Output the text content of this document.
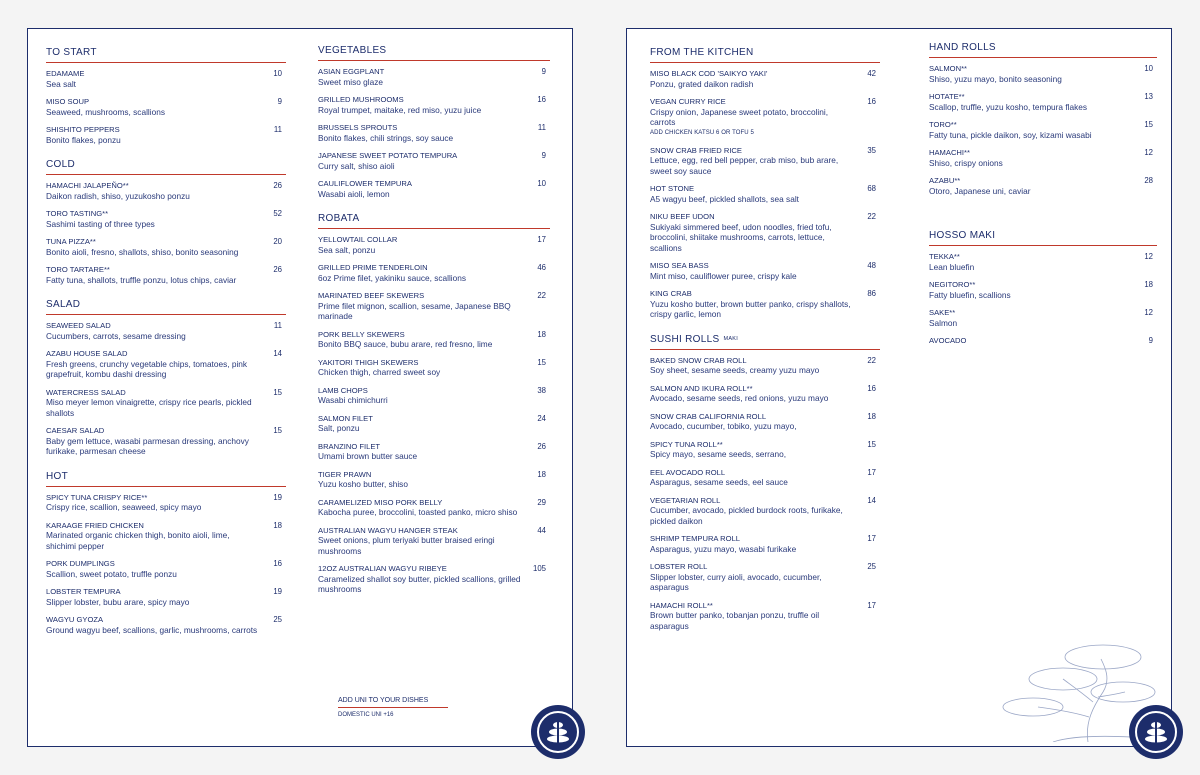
TO START
EDAMAME
Sea salt
10
MISO SOUP
Seaweed, mushrooms, scallions
9
SHISHITO PEPPERS
Bonito flakes, ponzu
11
COLD
HAMACHI JALAPEÑO**
Daikon radish, shiso, yuzukosho ponzu
26
TORO TASTING**
Sashimi tasting of three types
52
TUNA PIZZA**
Bonito aioli, fresno, shallots, shiso, bonito seasoning
20
TORO TARTARE**
Fatty tuna, shallots, truffle ponzu, lotus chips, caviar
26
SALAD
SEAWEED SALAD
Cucumbers, carrots, sesame dressing
11
AZABU HOUSE SALAD
Fresh greens, crunchy vegetable chips, tomatoes, pink grapefruit, kombu dashi dressing
14
WATERCRESS SALAD
Miso meyer lemon vinaigrette, crispy rice pearls, pickled shallots
15
CAESAR SALAD
Baby gem lettuce, wasabi parmesan dressing, anchovy furikake, parmesan cheese
15
HOT
SPICY TUNA CRISPY RICE**
Crispy rice, scallion, seaweed, spicy mayo
19
KARAAGE FRIED CHICKEN
Marinated organic chicken thigh, bonito aioli, lime, shichimi pepper
18
PORK DUMPLINGS
Scallion, sweet potato, truffle ponzu
16
LOBSTER TEMPURA
Slipper lobster, bubu arare, spicy mayo
19
WAGYU GYOZA
Ground wagyu beef, scallions, garlic, mushrooms, carrots
25
VEGETABLES
ASIAN EGGPLANT
Sweet miso glaze
9
GRILLED MUSHROOMS
Royal trumpet, maitake, red miso, yuzu juice
16
BRUSSELS SPROUTS
Bonito flakes, chili strings, soy sauce
11
JAPANESE SWEET POTATO TEMPURA
Curry salt, shiso aioli
9
CAULIFLOWER TEMPURA
Wasabi aioli, lemon
10
ROBATA
YELLOWTAIL COLLAR
Sea salt, ponzu
17
GRILLED PRIME TENDERLOIN
6oz Prime filet, yakiniku sauce, scallions
46
MARINATED BEEF SKEWERS
Prime filet mignon, scallion, sesame, Japanese BBQ marinade
22
PORK BELLY SKEWERS
Bonito BBQ sauce, bubu arare, red fresno, lime
18
YAKITORI THIGH SKEWERS
Chicken thigh, charred sweet soy
15
LAMB CHOPS
Wasabi chimichurri
38
SALMON FILET
Salt, ponzu
24
BRANZINO FILET
Umami brown butter sauce
26
TIGER PRAWN
Yuzu kosho butter, shiso
18
CARAMELIZED MISO PORK BELLY
Kabocha puree, broccolini, toasted panko, micro shiso
29
AUSTRALIAN WAGYU HANGER STEAK
Sweet onions, plum teriyaki butter braised eringi mushrooms
44
12OZ AUSTRALIAN WAGYU RIBEYE
Caramelized shallot soy butter, pickled scallions, grilled mushrooms
105
ADD UNI TO YOUR DISHES
DOMESTIC UNI +16
FROM THE KITCHEN
MISO BLACK COD 'SAIKYO YAKI'
Ponzu, grated daikon radish
42
VEGAN CURRY RICE
Crispy onion, Japanese sweet potato, broccolini, carrots
ADD CHICKEN KATSU 6 OR TOFU 5
16
SNOW CRAB FRIED RICE
Lettuce, egg, red bell pepper, crab miso, bub arare, sweet soy sauce
35
HOT STONE
A5 wagyu beef, pickled shallots, sea salt
68
NIKU BEEF UDON
Sukiyaki simmered beef, udon noodles, fried tofu, broccolini, shiitake mushrooms, carrots, lettuce, scallions
22
MISO SEA BASS
Mint miso, cauliflower puree, crispy kale
48
KING CRAB
Yuzu kosho butter, brown butter panko, crispy shallots, crispy garlic, lemon
86
SUSHI ROLLS MAKI
BAKED SNOW CRAB ROLL
Soy sheet, sesame seeds, creamy yuzu mayo
22
SALMON AND IKURA ROLL**
Avocado, sesame seeds, red onions, yuzu mayo
16
SNOW CRAB CALIFORNIA ROLL
Avocado, cucumber, tobiko, yuzu mayo,
18
SPICY TUNA ROLL**
Spicy mayo, sesame seeds, serrano,
15
EEL AVOCADO ROLL
Asparagus, sesame seeds, eel sauce
17
VEGETARIAN ROLL
Cucumber, avocado, pickled burdock roots, furikake, pickled daikon
14
SHRIMP TEMPURA ROLL
Asparagus, yuzu mayo, wasabi furikake
17
LOBSTER ROLL
Slipper lobster, curry aioli, avocado, cucumber, asparagus
25
HAMACHI ROLL**
Brown butter panko, tobanjan ponzu, truffle oil asparagus
17
HAND ROLLS
SALMON**
Shiso, yuzu mayo, bonito seasoning
10
HOTATE**
Scallop, truffle, yuzu kosho, tempura flakes
13
TORO**
Fatty tuna, pickle daikon, soy, kizami wasabi
15
HAMACHI**
Shiso, crispy onions
12
AZABU**
Otoro, Japanese uni, caviar
28
HOSSO MAKI
TEKKA**
Lean bluefin
12
NEGITORO**
Fatty bluefin, scallions
18
SAKE**
Salmon
12
AVOCADO	9
